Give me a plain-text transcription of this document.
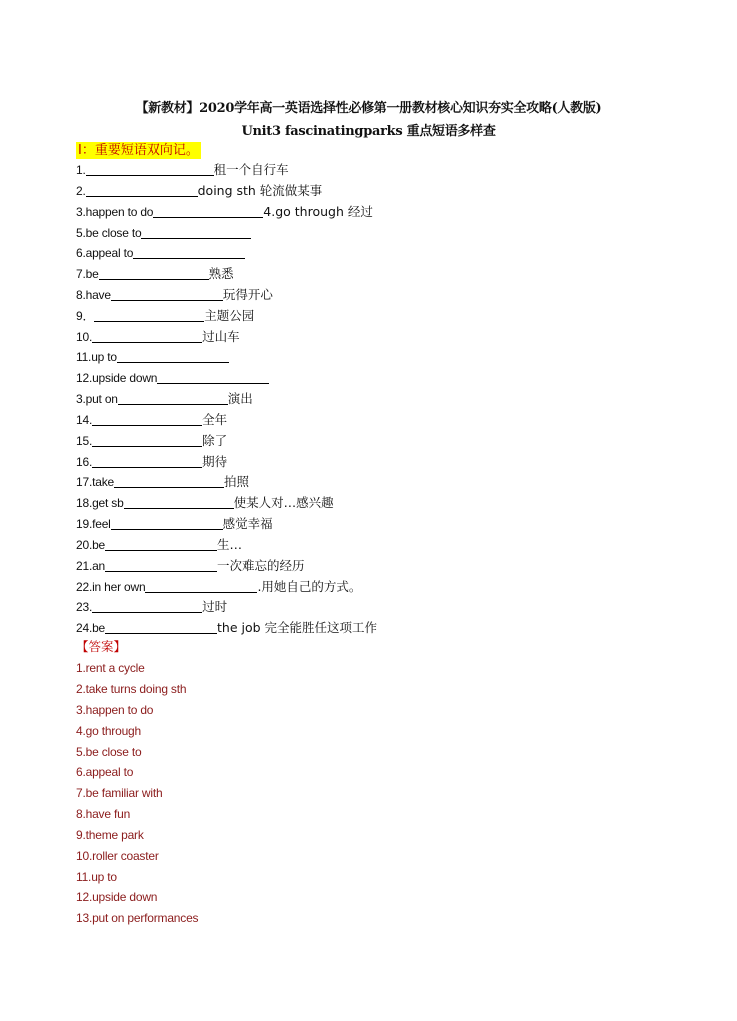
【新教材】2020学年高一英语选择性必修第一册教材核心知识夯实全攻略(人教版)
Unit3 fascinatingparks 重点短语多样查
I：重要短语双向记。
1.	租一个自行车
2.	doing sth 轮流做某事
3.happen to do	4.go through 经过
5.be close to
6.appeal to
7.be	熟悉
8.have	玩得开心
9．	主题公园
10.	过山车
11.up to
12.upside down
3.put on	演出
14.	全年
15.	除了
16.	期待
17.take	拍照
18.get sb	使某人对…感兴趣
19.feel	感觉幸福
20.be	生…
21.an	一次难忘的经历
22.in her own	.用她自己的方式。
23.	过时
24.be	the job 完全能胜任这项工作
【答案】
1.rent a cycle
2.take turns doing sth
3.happen to do
4.go through
5.be close to
6.appeal to
7.be familiar with
8.have fun
9.theme park
10.roller coaster
11.up to
12.upside down
13.put on performances
